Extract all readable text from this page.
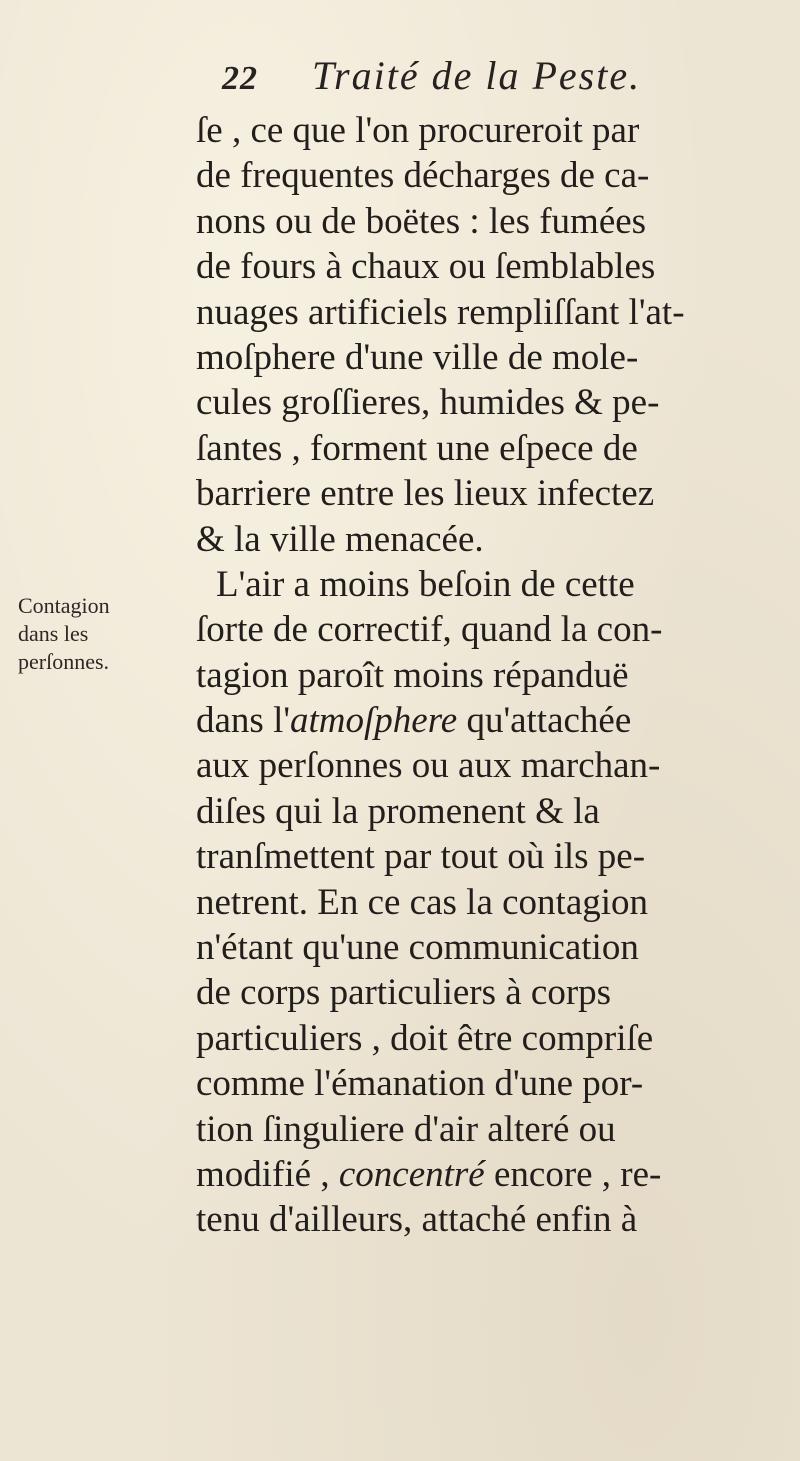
22	Traité de la Peste.
Contagion
dans les
perſonnes.
ſe , ce que l'on procureroit par
de frequentes décharges de ca-
nons ou de boëtes : les fumées
de fours à chaux ou ſemblables
nuages artificiels rempliſſant l'at-
moſphere d'une ville de mole-
cules groſſieres, humides & pe-
ſantes , forment une eſpece de
barriere entre les lieux infectez
& la ville menacée.
L'air a moins beſoin de cette
ſorte de correctif, quand la con-
tagion paroît moins répanduë
dans l'atmoſphere qu'attachée
aux perſonnes ou aux marchan-
diſes qui la promenent & la
tranſmettent par tout où ils pe-
netrent. En ce cas la contagion
n'étant qu'une communication
de corps particuliers à corps
particuliers , doit être compriſe
comme l'émanation d'une por-
tion ſinguliere d'air alteré ou
modifié , concentré encore , re-
tenu d'ailleurs, attaché enfin à
